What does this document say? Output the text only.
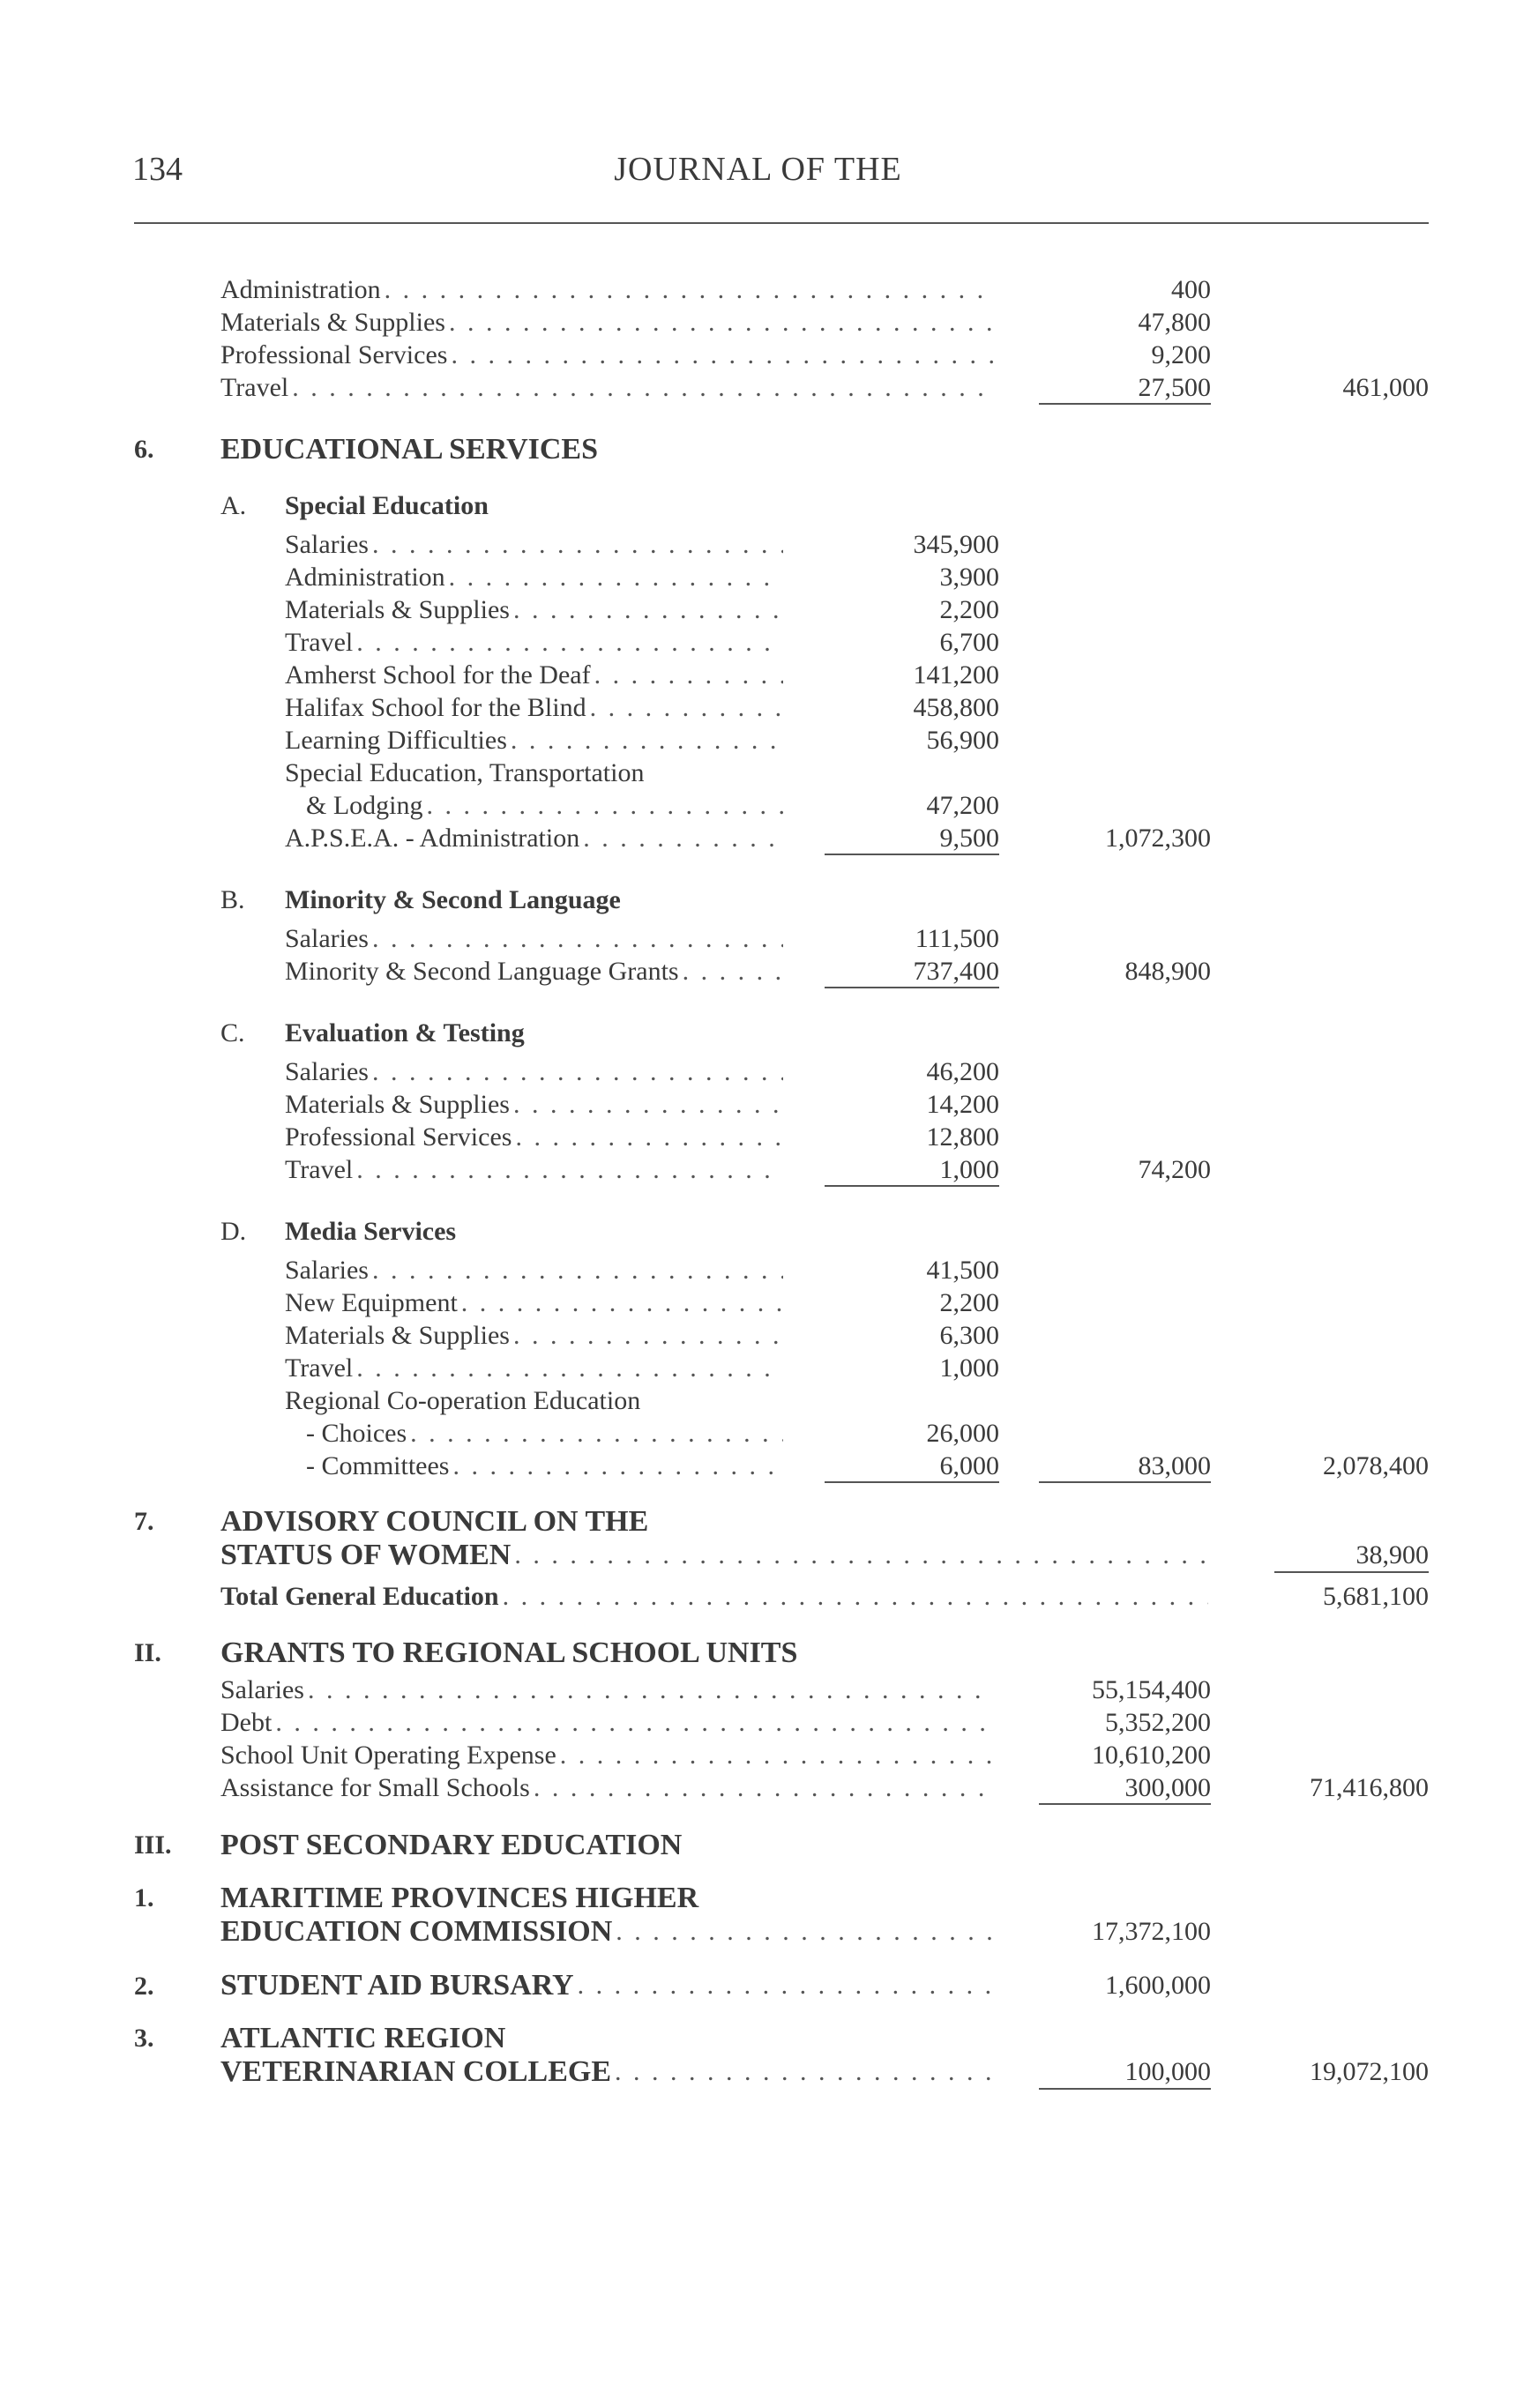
134	JOURNAL OF THE
Administration . . .	400
Materials & Supplies . . .	47,800
Professional Services . . .	9,200
Travel . . .	27,500	461,000
6. EDUCATIONAL SERVICES
A. Special Education
Salaries . . .	345,900
Administration . . .	3,900
Materials & Supplies . . .	2,200
Travel . . .	6,700
Amherst School for the Deaf . . .	141,200
Halifax School for the Blind . . .	458,800
Learning Difficulties . . .	56,900
Special Education, Transportation
& Lodging . . .	47,200
A.P.S.E.A. - Administration . . .	9,500	1,072,300
B. Minority & Second Language
Salaries . . .	111,500
Minority & Second Language Grants . . .	737,400	848,900
C. Evaluation & Testing
Salaries . . .	46,200
Materials & Supplies . . .	14,200
Professional Services . . .	12,800
Travel . . .	1,000	74,200
D. Media Services
Salaries . . .	41,500
New Equipment . . .	2,200
Materials & Supplies . . .	6,300
Travel . . .	1,000
Regional Co-operation Education
- Choices . . .	26,000
- Committees . . .	6,000	83,000	2,078,400
7. ADVISORY COUNCIL ON THE
STATUS OF WOMEN . . .	38,900
Total General Education . . .	5,681,100
II. GRANTS TO REGIONAL SCHOOL UNITS
Salaries . . .	55,154,400
Debt . . .	5,352,200
School Unit Operating Expense . . .	10,610,200
Assistance for Small Schools . . .	300,000	71,416,800
III. POST SECONDARY EDUCATION
1. MARITIME PROVINCES HIGHER
EDUCATION COMMISSION . . .	17,372,100
2. STUDENT AID BURSARY . . .	1,600,000
3. ATLANTIC REGION
VETERINARIAN COLLEGE . . .	100,000	19,072,100
